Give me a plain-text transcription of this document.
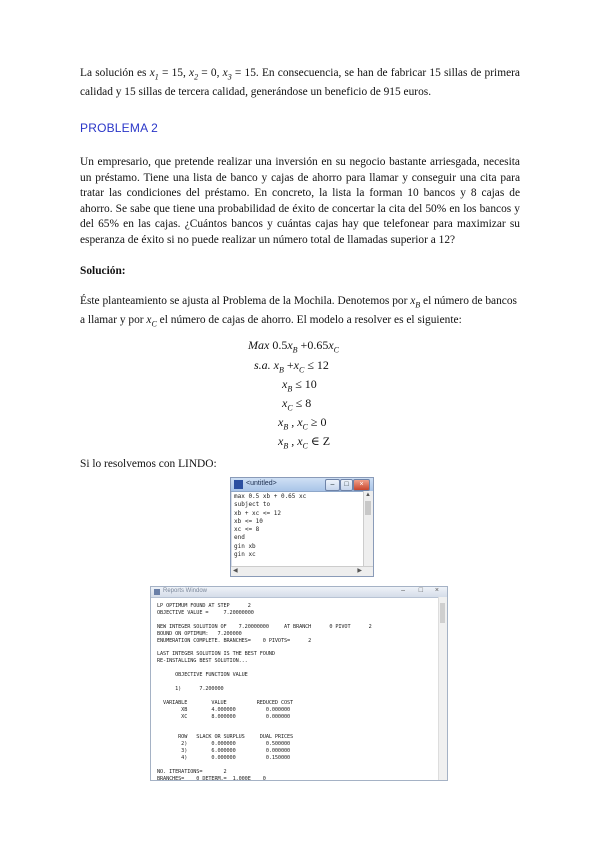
La solución es $x_1 = 15$, $x_2 = 0$, $x_3 = 15$. En consecuencia, se han de fabricar 15 sillas de primera calidad y 15 sillas de tercera calidad, generándose un beneficio de 915 euros.
PROBLEMA 2
Un empresario, que pretende realizar una inversión en su negocio bastante arriesgada, necesita un préstamo. Tiene una lista de banco y cajas de ahorro para llamar y conseguir una cita para tratar las condiciones del préstamo. En concreto, la lista la forman 10 bancos y 8 cajas de ahorro. Se sabe que tiene una probabilidad de éxito de concertar la cita del 50% en los bancos y del 65% en las cajas. ¿Cuántos bancos y cuántas cajas hay que telefonear para maximizar su esperanza de éxito si no puede realizar un número total de llamadas superior a 12?
Solución:
Éste planteamiento se ajusta al Problema de la Mochila. Denotemos por $x_B$ el número de bancos a llamar y por $x_C$ el número de cajas de ahorro. El modelo a resolver es el siguiente:
Max $0.5x_B +0.65x_C$
s.a. $x_B +x_C \le 12$
$x_B \le 10$
$x_C \le 8$
$x_B$ , $x_C \ge 0$
$x_B$ , $x_C$ ∈ Z
Si lo resolvemos con LINDO:
<untitled>	–	□	×
max 0.5 xb + 0.65 xc
subject to
xb + xc <= 12
xb <= 10
xc <= 8
end
gin xb
gin xc
▲
◀	▶
Reports Window	– □ ×
LP OPTIMUM FOUND AT STEP      2
OBJECTIVE VALUE =     7.20000000

NEW INTEGER SOLUTION OF    7.20000000     AT BRANCH      0 PIVOT      2
BOUND ON OPTIMUM:   7.200000
ENUMERATION COMPLETE. BRANCHES=    0 PIVOTS=      2

LAST INTEGER SOLUTION IS THE BEST FOUND
RE-INSTALLING BEST SOLUTION...

OBJECTIVE FUNCTION VALUE

1)      7.200000

VARIABLE        VALUE          REDUCED COST
XB        4.000000          0.000000
XC        8.000000          0.000000

ROW   SLACK OR SURPLUS     DUAL PRICES
2)        0.000000          0.500000
3)        6.000000          0.000000
4)        0.000000          0.150000

NO. ITERATIONS=       2
BRANCHES=    0 DETERM.=  1.000E    0
